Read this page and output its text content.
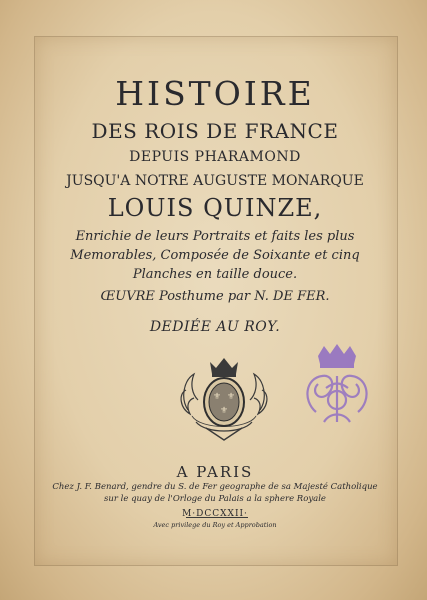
HISTOIRE
DES ROIS DE FRANCE
DEPUIS PHARAMOND
JUSQU'A NOTRE AUGUSTE MONARQUE
LOUIS QUINZE,
Enrichie de leurs Portraits et faits les plus
Memorables, Composée de Soixante et cinq
Planches en taille douce.
ŒUVRE Posthume par N. DE FER.
DEDIÉE AU ROY.
⚜ ⚜
⚜
A PARIS
Chez J. F. Benard, gendre du S. de Fer geographe de sa Majesté Catholique
sur le quay de l'Orloge du Palais a la sphere Royale
M·DCCXXII·
Avec privilege du Roy et Approbation
